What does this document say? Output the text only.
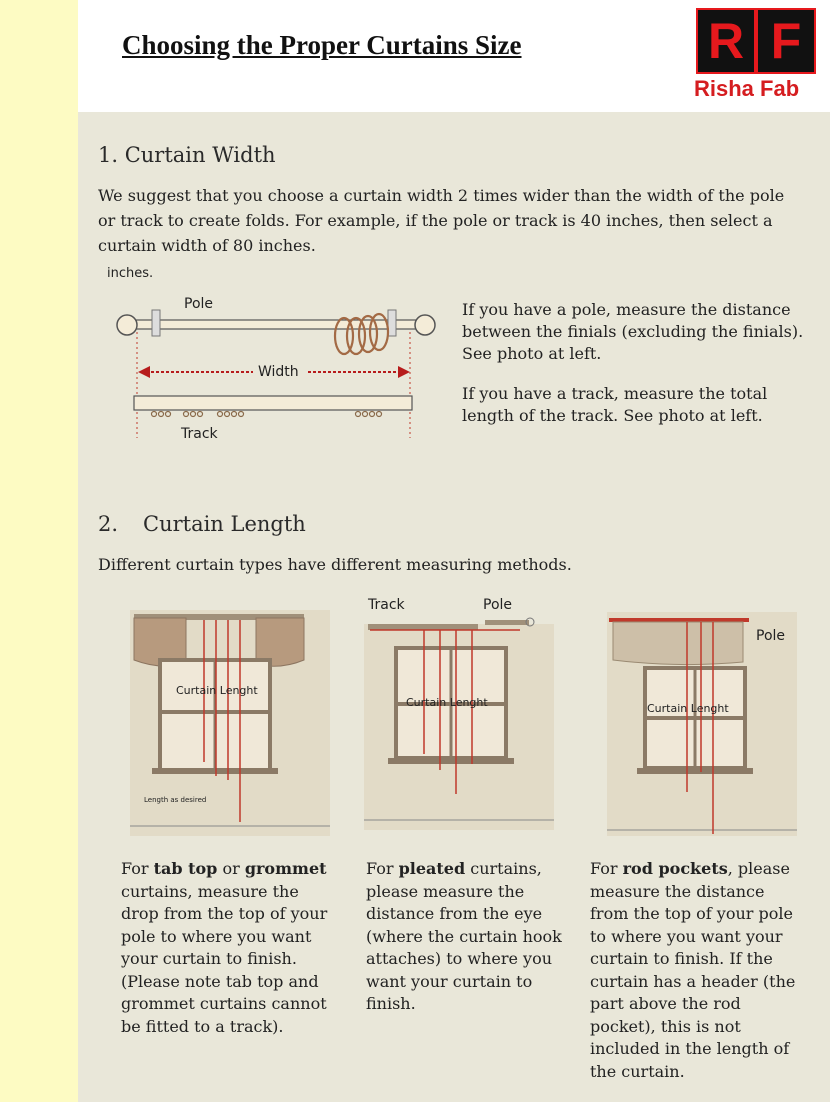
Choosing the Proper Curtains Size	R F
Risha Fab
1. Curtain Width

We suggest that you choose a curtain width 2 times wider than the width of the pole or track to create folds. For example, if the pole or track is 40 inches, then select a curtain width of 80 inches.

inches.
Pole
Width
Track

If you have a pole, measure the distance between the finials (excluding the finials). See photo at left.

If you have a track, measure the total length of the track. See photo at left.

2. Curtain Length

Different curtain types have different measuring methods.

Curtain Lenght
Length as desired
Track	Pole
Curtain Lenght
Pole
Curtain Lenght

For tab top or grommet curtains, measure the drop from the top of your pole to where you want your curtain to finish. (Please note tab top and grommet curtains cannot be fitted to a track).

For pleated curtains, please measure the distance from the eye (where the curtain hook attaches) to where you want your curtain to finish.

For rod pockets, please measure the distance from the top of your pole to where you want your curtain to finish. If the curtain has a header (the part above the rod pocket), this is not included in the length of the curtain.
